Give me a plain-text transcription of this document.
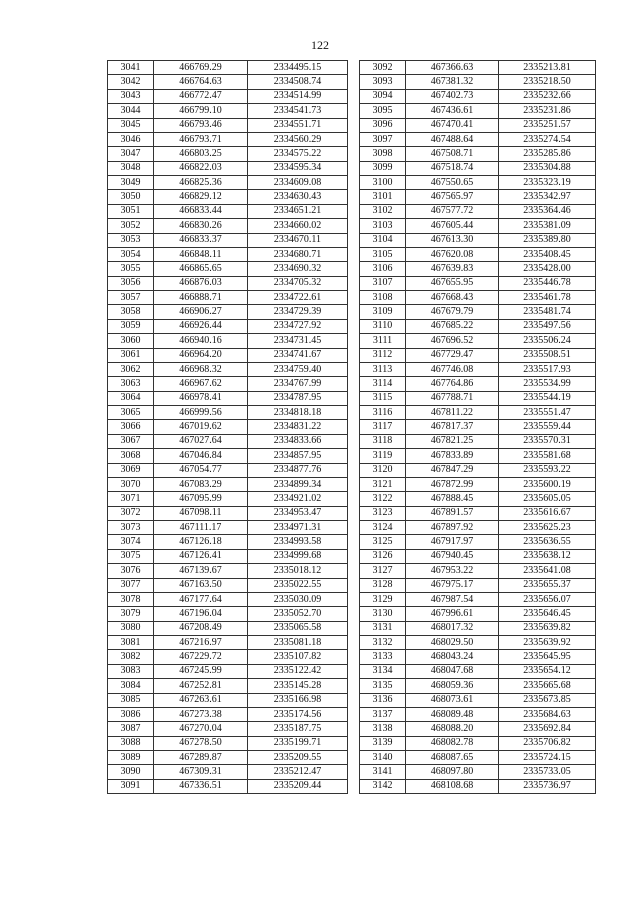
122
3041	466769.29	2334495.15
3042	466764.63	2334508.74
3043	466772.47	2334514.99
3044	466799.10	2334541.73
3045	466793.46	2334551.71
3046	466793.71	2334560.29
3047	466803.25	2334575.22
3048	466822.03	2334595.34
3049	466825.36	2334609.08
3050	466829.12	2334630.43
3051	466833.44	2334651.21
3052	466830.26	2334660.02
3053	466833.37	2334670.11
3054	466848.11	2334680.71
3055	466865.65	2334690.32
3056	466876.03	2334705.32
3057	466888.71	2334722.61
3058	466906.27	2334729.39
3059	466926.44	2334727.92
3060	466940.16	2334731.45
3061	466964.20	2334741.67
3062	466968.32	2334759.40
3063	466967.62	2334767.99
3064	466978.41	2334787.95
3065	466999.56	2334818.18
3066	467019.62	2334831.22
3067	467027.64	2334833.66
3068	467046.84	2334857.95
3069	467054.77	2334877.76
3070	467083.29	2334899.34
3071	467095.99	2334921.02
3072	467098.11	2334953.47
3073	467111.17	2334971.31
3074	467126.18	2334993.58
3075	467126.41	2334999.68
3076	467139.67	2335018.12
3077	467163.50	2335022.55
3078	467177.64	2335030.09
3079	467196.04	2335052.70
3080	467208.49	2335065.58
3081	467216.97	2335081.18
3082	467229.72	2335107.82
3083	467245.99	2335122.42
3084	467252.81	2335145.28
3085	467263.61	2335166.98
3086	467273.38	2335174.56
3087	467270.04	2335187.75
3088	467278.50	2335199.71
3089	467289.87	2335209.55
3090	467309.31	2335212.47
3091	467336.51	2335209.44
3092	467366.63	2335213.81
3093	467381.32	2335218.50
3094	467402.73	2335232.66
3095	467436.61	2335231.86
3096	467470.41	2335251.57
3097	467488.64	2335274.54
3098	467508.71	2335285.86
3099	467518.74	2335304.88
3100	467550.65	2335323.19
3101	467565.97	2335342.97
3102	467577.72	2335364.46
3103	467605.44	2335381.09
3104	467613.30	2335389.80
3105	467620.08	2335408.45
3106	467639.83	2335428.00
3107	467655.95	2335446.78
3108	467668.43	2335461.78
3109	467679.79	2335481.74
3110	467685.22	2335497.56
3111	467696.52	2335506.24
3112	467729.47	2335508.51
3113	467746.08	2335517.93
3114	467764.86	2335534.99
3115	467788.71	2335544.19
3116	467811.22	2335551.47
3117	467817.37	2335559.44
3118	467821.25	2335570.31
3119	467833.89	2335581.68
3120	467847.29	2335593.22
3121	467872.99	2335600.19
3122	467888.45	2335605.05
3123	467891.57	2335616.67
3124	467897.92	2335625.23
3125	467917.97	2335636.55
3126	467940.45	2335638.12
3127	467953.22	2335641.08
3128	467975.17	2335655.37
3129	467987.54	2335656.07
3130	467996.61	2335646.45
3131	468017.32	2335639.82
3132	468029.50	2335639.92
3133	468043.24	2335645.95
3134	468047.68	2335654.12
3135	468059.36	2335665.68
3136	468073.61	2335673.85
3137	468089.48	2335684.63
3138	468088.20	2335692.84
3139	468082.78	2335706.82
3140	468087.65	2335724.15
3141	468097.80	2335733.05
3142	468108.68	2335736.97
